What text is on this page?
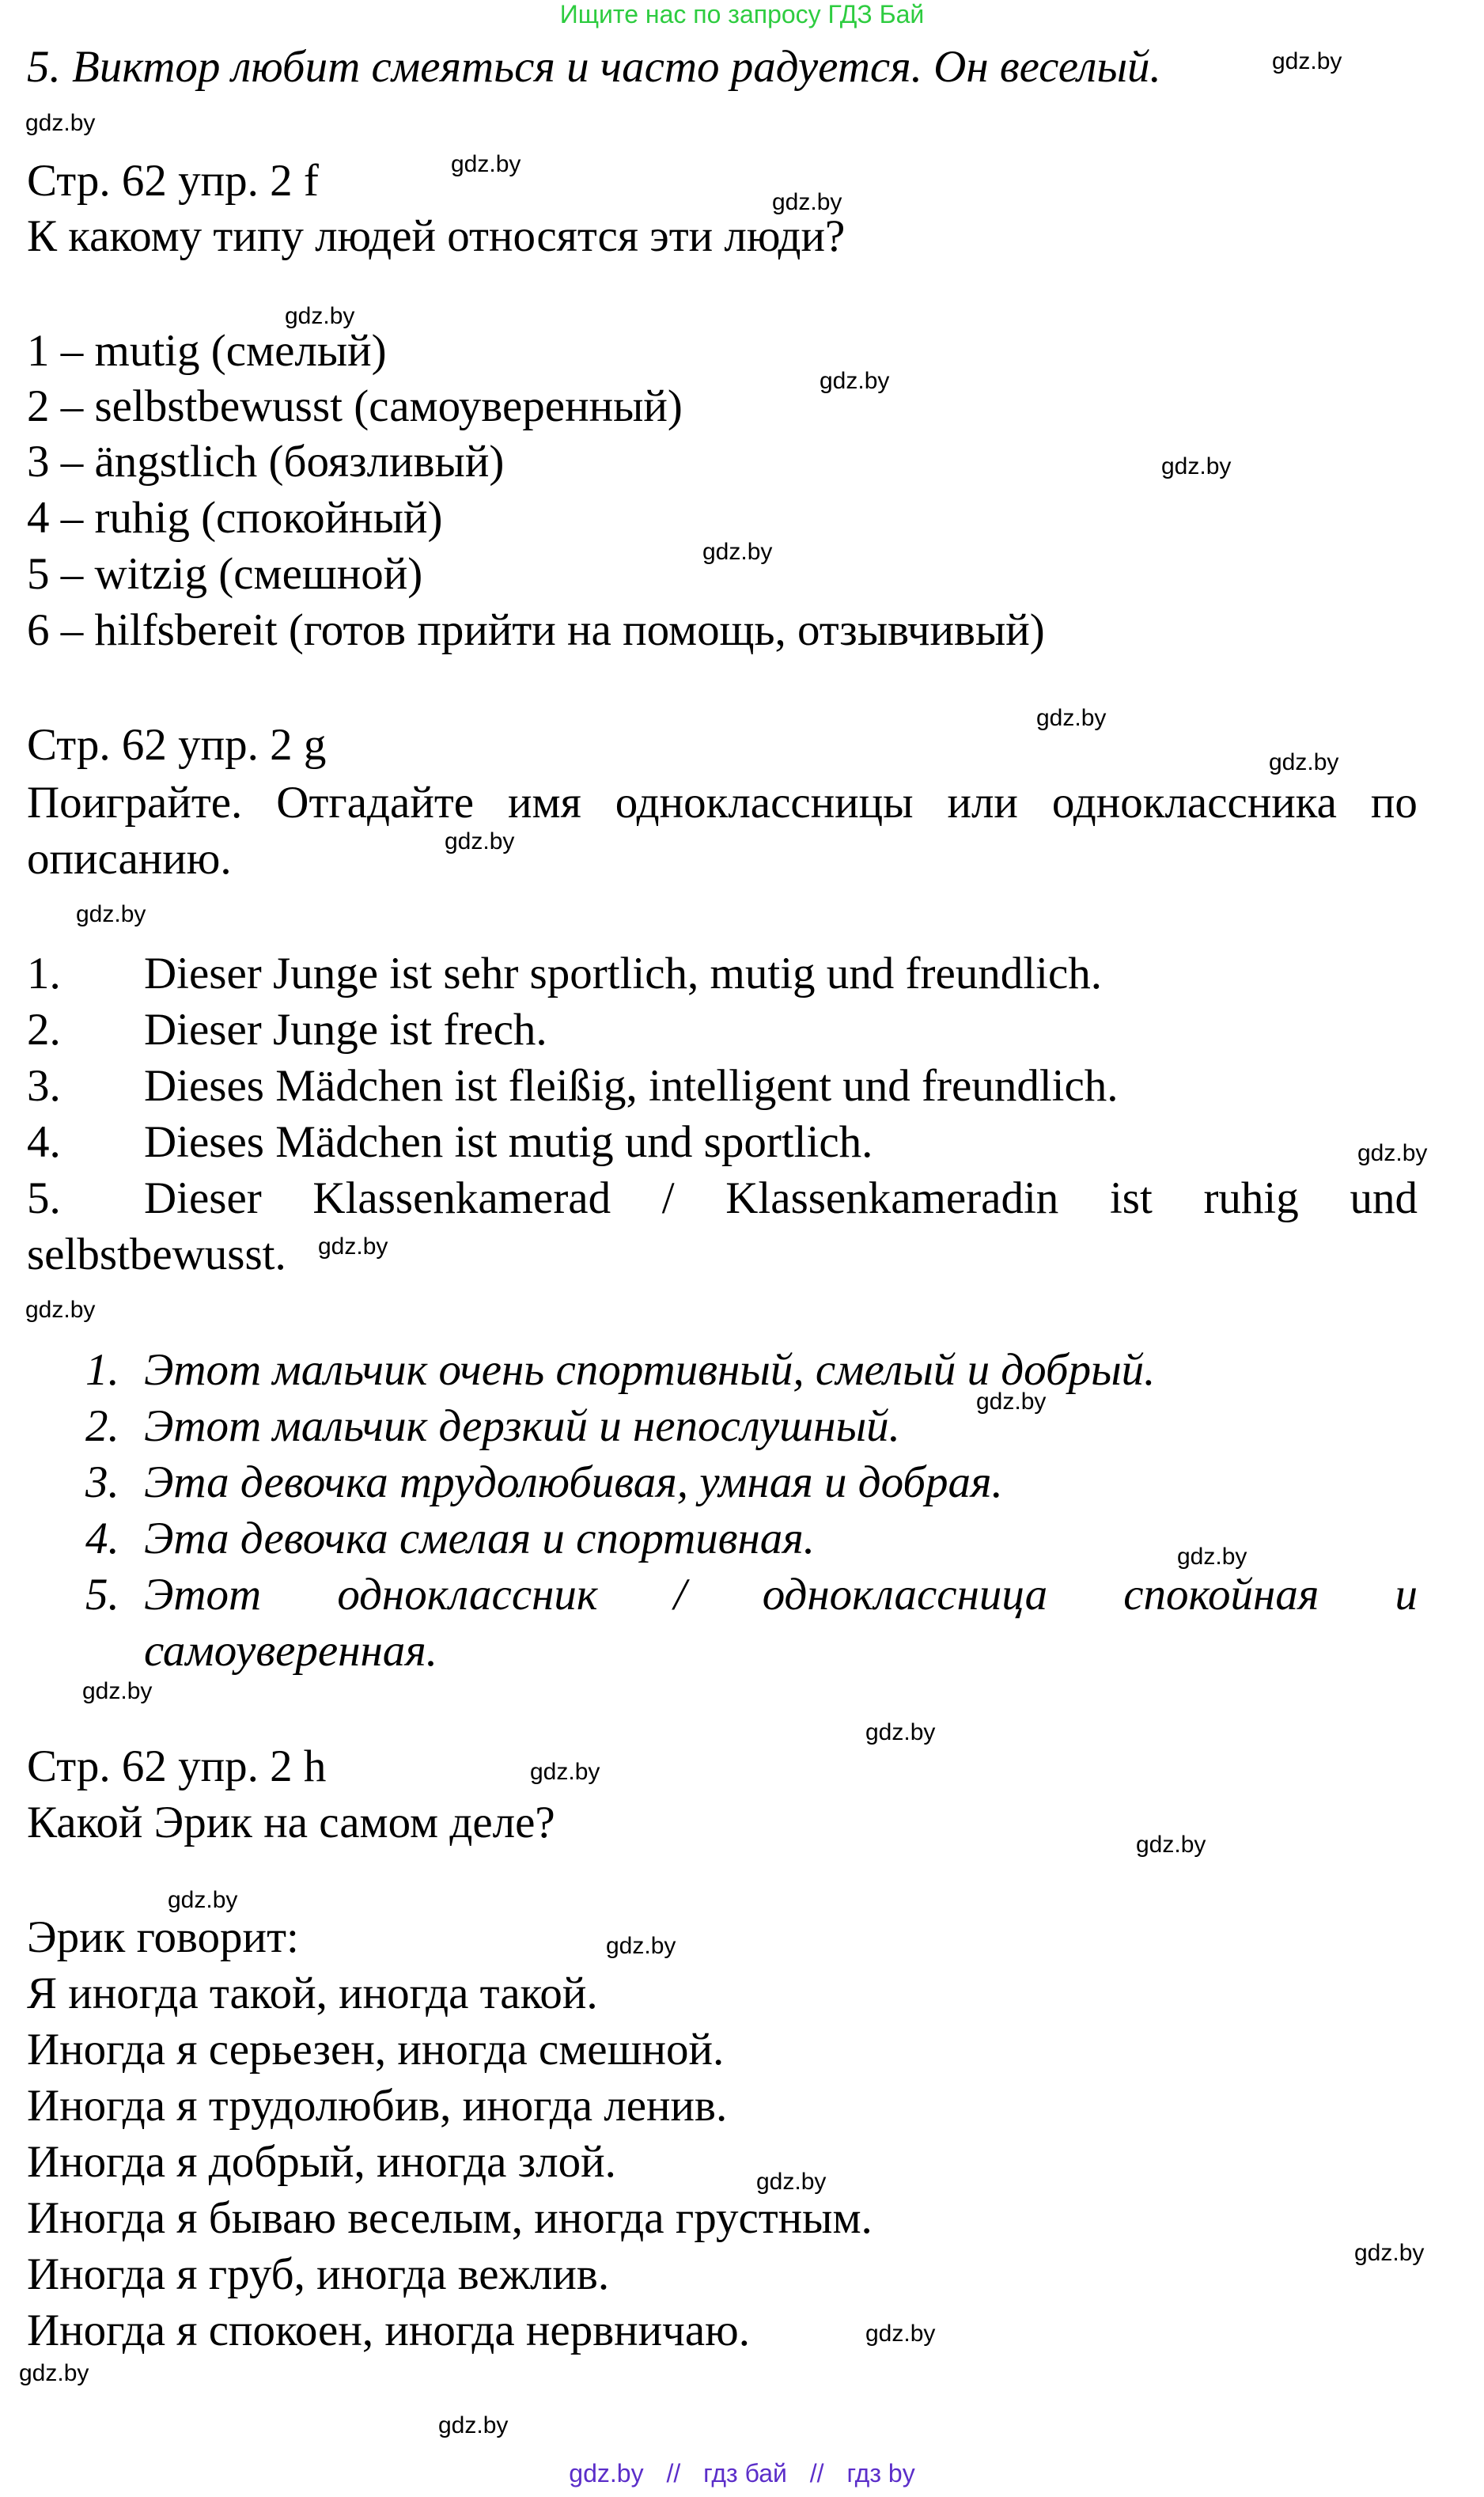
Ищите нас по запросу ГДЗ Бай
5. Виктор любит смеяться и часто радуется. Он веселый.
Стр. 62 упр. 2 f
К какому типу людей относятся эти люди?
1 – mutig (смелый)
2 – selbstbewusst (самоуверенный)
3 – ängstlich (боязливый)
4 – ruhig (спокойный)
5 – witzig (смешной)
6 – hilfsbereit (готов прийти на помощь, отзывчивый)
Стр. 62 упр. 2 g
Поиграйте. Отгадайте имя одноклассницы или одноклассника по
описанию.
1. Dieser Junge ist sehr sportlich, mutig und freundlich.
2. Dieser Junge ist frech.
3. Dieses Mädchen ist fleißig, intelligent und freundlich.
4. Dieses Mädchen ist mutig und sportlich.
5. Dieser Klassenkamerad / Klassenkameradin ist ruhig und
selbstbewusst.
1. Этот мальчик очень спортивный, смелый и добрый.
2. Этот мальчик дерзкий и непослушный.
3. Эта девочка трудолюбивая, умная и добрая.
4. Эта девочка смелая и спортивная.
5. Этот одноклассник / одноклассница спокойная и
самоуверенная.
Стр. 62 упр. 2 h
Какой Эрик на самом деле?
Эрик говорит:
Я иногда такой, иногда такой.
Иногда я серьезен, иногда смешной.
Иногда я трудолюбив, иногда ленив.
Иногда я добрый, иногда злой.
Иногда я бываю веселым, иногда грустным.
Иногда я груб, иногда вежлив.
Иногда я спокоен, иногда нервничаю.
gdz.by
gdz.by
gdz.by
gdz.by
gdz.by
gdz.by
gdz.by
gdz.by
gdz.by
gdz.by
gdz.by
gdz.by
gdz.by
gdz.by
gdz.by
gdz.by
gdz.by
gdz.by
gdz.by
gdz.by
gdz.by
gdz.by
gdz.by
gdz.by
gdz.by
gdz.by
gdz.by
gdz.by
gdz.by // гдз бай // гдз by
